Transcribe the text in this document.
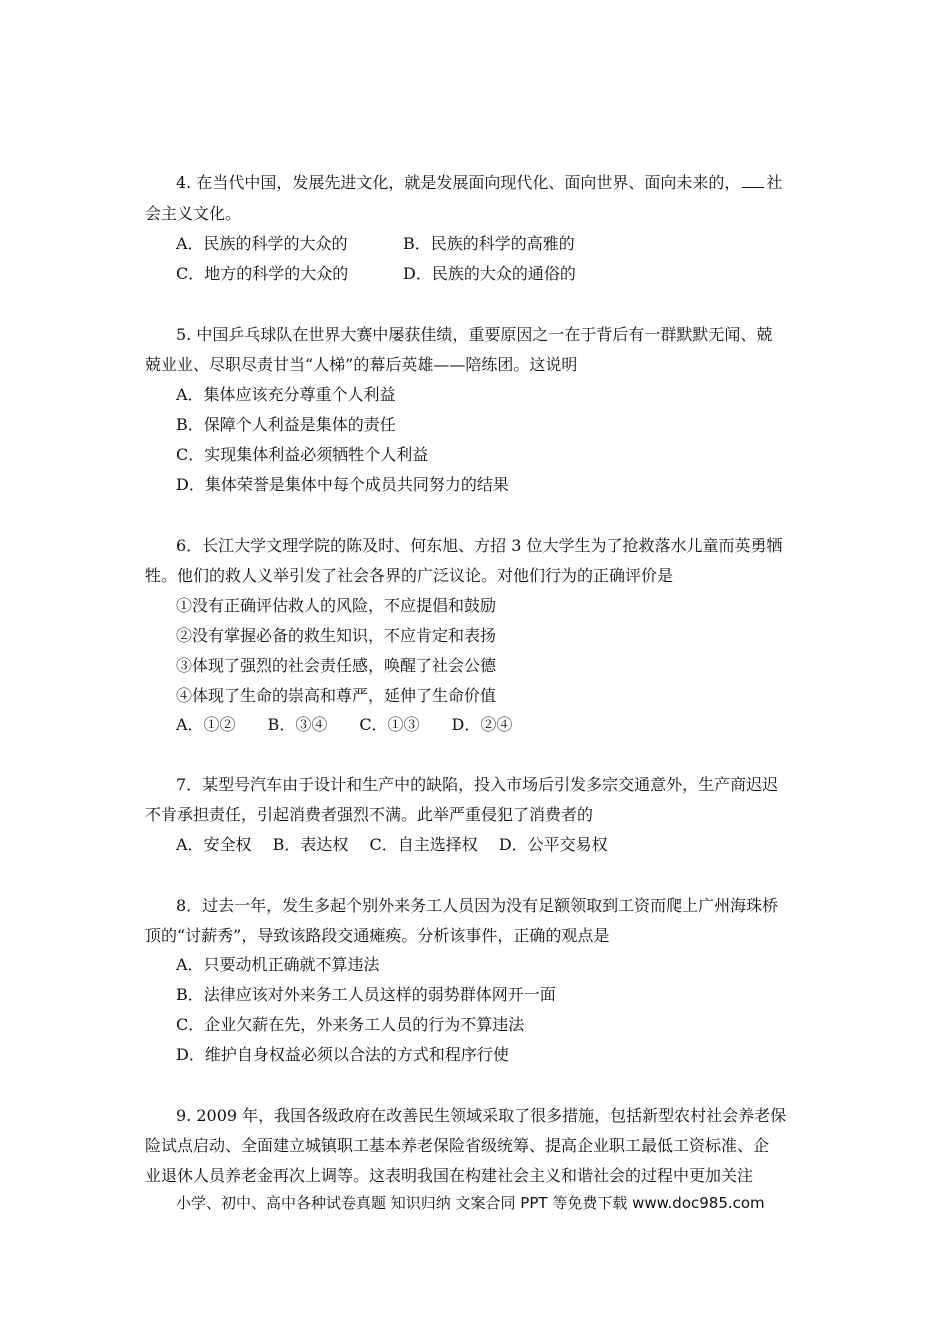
4. 在当代中国，发展先进文化，就是发展面向现代化、面向世界、面向未来的， 社
会主义文化。
A．民族的科学的大众的	B．民族的科学的高雅的
C．地方的科学的大众的	D．民族的大众的通俗的
5. 中国乒乓球队在世界大赛中屡获佳绩，重要原因之一在于背后有一群默默无闻、兢
兢业业、尽职尽责甘当“人梯”的幕后英雄——陪练团。这说明
A．集体应该充分尊重个人利益
B．保障个人利益是集体的责任
C．实现集体利益必须牺牲个人利益
D．集体荣誉是集体中每个成员共同努力的结果
6．长江大学文理学院的陈及时、何东旭、方招 3 位大学生为了抢救落水儿童而英勇牺
牲。他们的救人义举引发了社会各界的广泛议论。对他们行为的正确评价是
①没有正确评估救人的风险，不应提倡和鼓励
②没有掌握必备的救生知识，不应肯定和表扬
③体现了强烈的社会责任感，唤醒了社会公德
④体现了生命的崇高和尊严，延伸了生命价值
A．①②　　B．③④　　C．①③　　D．②④
7．某型号汽车由于设计和生产中的缺陷，投入市场后引发多宗交通意外，生产商迟迟
不肯承担责任，引起消费者强烈不满。此举严重侵犯了消费者的
A．安全权　 B．表达权　 C．自主选择权　 D．公平交易权
8．过去一年，发生多起个别外来务工人员因为没有足额领取到工资而爬上广州海珠桥
顶的“讨薪秀”，导致该路段交通瘫痪。分析该事件，正确的观点是
A．只要动机正确就不算违法
B．法律应该对外来务工人员这样的弱势群体网开一面
C．企业欠薪在先，外来务工人员的行为不算违法
D．维护自身权益必须以合法的方式和程序行使
9. 2009 年，我国各级政府在改善民生领域采取了很多措施，包括新型农村社会养老保
险试点启动、全面建立城镇职工基本养老保险省级统筹、提高企业职工最低工资标准、企
业退休人员养老金再次上调等。这表明我国在构建社会主义和谐社会的过程中更加关注
小学、初中、高中各种试卷真题 知识归纳 文案合同 PPT 等免费下载 www.doc985.com
